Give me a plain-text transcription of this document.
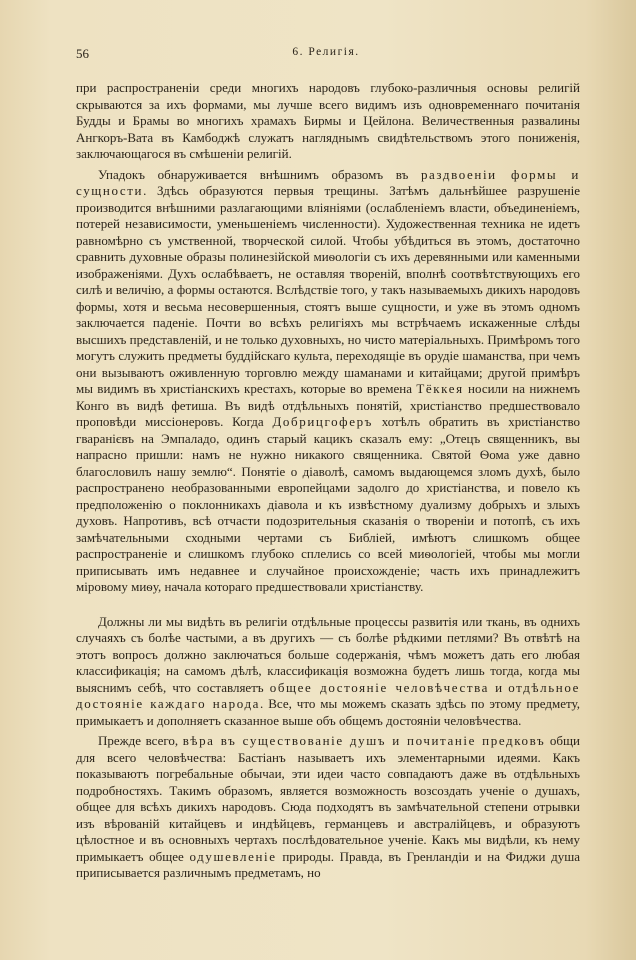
56	6. Религія.

при распространеніи среди многихъ народовъ глубоко-различныя основы религій скрываются за ихъ формами, мы лучше всего видимъ изъ одновременнаго почитанія Будды и Брамы во многихъ храмахъ Бирмы и Цейлона. Величественныя развалины Ангкоръ-Вата въ Камбоджѣ служатъ нагляднымъ свидѣтельствомъ этого пониженія, заключающагося въ смѣшеніи религій.

Упадокъ обнаруживается внѣшнимъ образомъ въ раздвоеніи формы и сущности. Здѣсь образуются первыя трещины. Затѣмъ дальнѣйшее разрушеніе производится внѣшними разлагающими вліяніями (ослабленіемъ власти, объединеніемъ, потерей независимости, уменьшеніемъ численности). Художественная техника не идетъ равномѣрно съ умственной, творческой силой. Чтобы убѣдиться въ этомъ, достаточно сравнить духовные образы полинезійской миѳологіи съ ихъ деревянными или каменными изображеніями. Духъ ослабѣваетъ, не оставляя твореній, вполнѣ соотвѣтствующихъ его силѣ и величію, а формы остаются. Вслѣдствіе того, у такъ называемыхъ дикихъ народовъ формы, хотя и весьма несовершенныя, стоятъ выше сущности, и уже въ этомъ одномъ заключается паденіе. Почти во всѣхъ религіяхъ мы встрѣчаемъ искаженные слѣды высшихъ представленій, и не только духовныхъ, но чисто матеріальныхъ. Примѣромъ того могутъ служить предметы буддійскаго культа, переходящіе въ орудіе шаманства, при чемъ они вызываютъ оживленную торговлю между шаманами и китайцами; другой примѣръ мы видимъ въ христіанскихъ крестахъ, которые во времена Тёккея носили на нижнемъ Конго въ видѣ фетиша. Въ видѣ отдѣльныхъ понятій, христіанство предшествовало проповѣди миссіонеровъ. Когда Добрицгоферъ хотѣлъ обратить въ христіанство гваранієвъ на Эмпаладо, одинъ старый кацикъ сказалъ ему: „Отецъ священникъ, вы напрасно пришли: намъ не нужно никакого священника. Святой Ѳома уже давно благословилъ нашу землю“. Понятіе о діаволѣ, самомъ выдающемся зломъ духѣ, было распространено необразованными европейцами задолго до христіанства, и повело къ предположенію о поклонникахъ діавола и къ извѣстному дуализму добрыхъ и злыхъ духовъ. Напротивъ, всѣ отчасти подозрительныя сказанія о твореніи и потопѣ, съ ихъ замѣчательными сходными чертами съ Библіей, имѣютъ слишкомъ общее распространеніе и слишкомъ глубоко сплелись со всей миѳологіей, чтобы мы могли приписывать имъ недавнее и случайное происхожденіе; часть ихъ принадлежитъ міровому миѳу, начала котораго предшествовали христіанству.

Должны ли мы видѣть въ религіи отдѣльные процессы развитія или ткань, въ однихъ случаяхъ съ болѣе частыми, а въ другихъ — съ болѣе рѣдкими петлями? Въ отвѣтѣ на этотъ вопросъ должно заключаться больше содержанія, чѣмъ можетъ дать его любая классификація; на самомъ дѣлѣ, классификація возможна будетъ лишь тогда, когда мы выяснимъ себѣ, что составляетъ общее достояніе человѣчества и отдѣльное достояніе каждаго народа. Все, что мы можемъ сказать здѣсь по этому предмету, примыкаетъ и дополняетъ сказанное выше объ общемъ достояніи человѣчества.

Прежде всего, вѣра въ существованіе душъ и почитаніе предковъ общи для всего человѣчества: Бастіанъ называетъ ихъ элементарными идеями. Какъ показываютъ погребальные обычаи, эти идеи часто совпадаютъ даже въ отдѣльныхъ подробностяхъ. Такимъ образомъ, является возможность возсоздать ученіе о душахъ, общее для всѣхъ дикихъ народовъ. Сюда подходятъ въ замѣчательной степени отрывки изъ вѣрованій китайцевъ и индѣйцевъ, германцевъ и австралійцевъ, и образуютъ цѣлостное и въ основныхъ чертахъ послѣдовательное ученіе. Какъ мы видѣли, къ нему примыкаетъ общее одушевленіе природы. Правда, въ Гренландіи и на Фиджи душа приписывается различнымъ предметамъ, но
